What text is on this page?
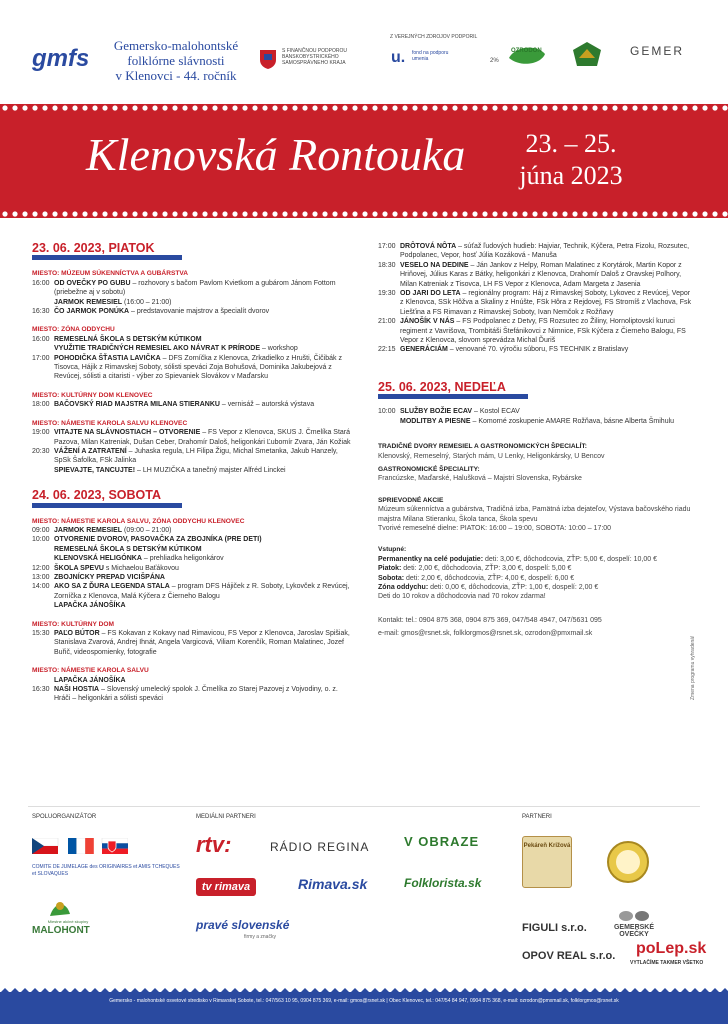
gmfs	Gemersko-malohontské
folklórne slávnosti
v Klenovci - 44. ročník
S FINANČNOU PODPOROU BANSKOBYSTRICKÉHO SAMOSPRÁVNEHO KRAJA
Z VEREJNÝCH ZDROJOV PODPORIL
u. fond na podporu umenia	2%
OZRODON	GEMER
Klenovská Rontouka	23. – 25.
júna 2023
23. 06. 2023, PIATOK
MIESTO: MÚZEUM SÚKENNÍCTVA A GUBÁRSTVA
16:00 OD OVEČKY PO GUBU – rozhovory s bačom Pavlom Kvietkom a gubárom Jánom Fottom (priebežne aj v sobotu)
JARMOK REMESIEL (16:00 – 21:00)
16:30 ČO JARMOK PONÚKA – predstavovanie majstrov a špecialít dvorov
MIESTO: ZÓNA ODDYCHU
16:00 REMESELNÁ ŠKOLA S DETSKÝM KÚTIKOM
VYUŽITIE TRADIČNÝCH REMESIEL AKO NÁVRAT K PRÍRODE – workshop
17:00 POHODIČKA ŠŤASTIA LAVIČKA – DFS Zorníčka z Klenovca, Zrkadielko z Hrušti, Čičibák z Tisovca, Hájik z Rimavskej Soboty, sólisti speváci Zoja Bohušová, Dominika Jakubejová z Revúcej, sólisti a citaristi - výber zo Spievaniek Slovákov v Maďarsku
MIESTO: KULTÚRNY DOM KLENOVEC
18:00 BAČOVSKÝ RIAD MAJSTRA MILANA STIERANKU – vernisáž – autorská výstava
MIESTO: NÁMESTIE KAROLA SALVU KLENOVEC
19:00 VITAJTE NA SLÁVNOSTIACH – OTVORENIE – FS Vepor z Klenovca, SKUS J. Čmelíka Stará Pazova, Milan Katreniak, Dušan Ceber, Drahomír Daloš, heligonkári Ľubomír Zvara, Ján Kožiak
20:30 VÁŽENÍ A ZATRATENÍ – Juhaska regula, LH Filipa Žigu, Michal Smetanka, Jakub Hanzely, SpSk Šafolka, FSk Jalinka
SPIEVAJTE, TANCUJTE! – LH MUZIČKA a tanečný majster Alfréd Linckei
24. 06. 2023, SOBOTA
MIESTO: NÁMESTIE KAROLA SALVU, ZÓNA ODDYCHU KLENOVEC
09:00 JARMOK REMESIEL (09:00 – 21:00)
10:00 OTVORENIE DVOROV, PASOVAČKA ZA ZBOJNÍKA (PRE DETI)
REMESELNÁ ŠKOLA S DETSKÝM KÚTIKOM
KLENOVSKÁ HELIGÓNKA – prehliadka heligonkárov
12:00 ŠKOLA SPEVU s Michaelou Baťákovou
13:00 ZBOJNÍCKY PREPAD VICIŠPÁNA
14:00 AKO SA Z ĎURA LEGENDA STALA – program DFS Hájiček z R. Soboty, Lykovček z Revúcej, Zorníčka z Klenovca, Malá Kýčera z Čierneho Balogu
LAPAČKA JÁNOŠÍKA
MIESTO: KULTÚRNY DOM
15:30 PAĽO BÚTOR – FS Kokavan z Kokavy nad Rimavicou, FS Vepor z Klenovca, Jaroslav Spišiak, Stanislava Zvarová, Andrej Ihnát, Angela Vargicová, Viliam Korenčík, Roman Malatinec, Jozef Buřič, videospomienky, fotografie
MIESTO: NÁMESTIE KAROLA SALVU
LAPAČKA JÁNOŠÍKA
16:30 NAŠI HOSTIA – Slovenský umelecký spolok J. Čmelíka zo Starej Pazovej z Vojvodiny, o. z. Hráči – heligonkári a sólisti speváci
17:00 DRÔTOVÁ NÔTA – súťaž ľudových hudieb: Hajviar, Technik, Kýčera, Petra Fizolu, Rozsutec, Podpolanec, Vepor, hosť Júlia Kozáková - Manuša
18:30 VESELO NA DEDINE – Ján Jankov z Helpy, Roman Malatinec z Korytárok, Martin Kopor z Hriňovej, Július Karas z Bátky, heligonkári z Klenovca, Drahomír Daloš z Oravskej Polhory, Milan Katreniak z Tisovca, LH FS Vepor z Klenovca, Adam Margeta z Jasenia
19:30 OD JARI DO LETA – regionálny program: Háj z Rimavskej Soboty, Lykovec z Revúcej, Vepor z Klenovca, SSk Hôžva a Skaliny z Hnúšte, FSk Hôra z Rejdovej, FS Stromíš z Vlachova, Fsk Liešťina a FS Rimavan z Rimavskej Soboty, Ivan Nemčok z Rožňavy
21:00 JÁNOŠÍK V NÁS – FS Podpolanec z Detvy, FS Rozsutec zo Žiliny, Hornoliptovskí kuruci regiment z Vavrišova, Trombitáši Štefánikovci z Nimnice, FSk Kýčera z Čierneho Balogu, FS Vepor z Klenovca, slovom sprevádza Michal Ďuriš
22:15 GENERÁCIÁM – venované 70. výročiu súboru, FS TECHNIK z Bratislavy
25. 06. 2023, NEDEĽA
10:00 SLUŽBY BOŽIE ECAV – Kostol ECAV
MODLITBY A PIESNE – Komorné zoskupenie AMARE Rožňava, básne Alberta Šmihulu
TRADIČNÉ DVORY REMESIEL A GASTRONOMICKÝCH ŠPECIALÍT:
Klenovský, Remeselný, Starých mám, U Lenky, Heligonkársky, U Bencov
GASTRONOMICKÉ ŠPECIALITY:
Francúzske, Maďarské, Halušková – Majstri Slovenska, Rybárske
SPRIEVODNÉ AKCIE
Múzeum súkenníctva a gubárstva, Tradičná izba, Pamätná izba dejateľov, Výstava bačovského riadu majstra Milana Stieranku, Škola tanca, Škola spevu
Tvorivé remeselné dielne: PIATOK: 16:00 – 19:00, SOBOTA: 10:00 – 17:00
Vstupné:
Permanentky na celé podujatie: deti: 3,00 €, dôchodcovia, ZŤP: 5,00 €, dospelí: 10,00 €
Piatok: deti: 2,00 €, dôchodcovia, ZŤP: 3,00 €, dospelí: 5,00 €
Sobota: deti: 2,00 €, dôchodcovia, ZŤP: 4,00 €, dospelí: 6,00 €
Zóna oddychu: deti: 0,00 €, dôchodcovia, ZŤP: 1,00 €, dospelí: 2,00 €
Deti do 10 rokov a dôchodcovia nad 70 rokov zdarma!
Kontakt: tel.: 0904 875 368, 0904 875 369, 047/548 4947, 047/5631 095
e-mail: gmos@rsnet.sk, folklorgmos@rsnet.sk, ozrodon@pmxmail.sk
Zmena programu vyhradená!
SPOLUORGANIZÁTOR
COMITE DE JUMELAGE des ORIGINAIRES et AMIS TCHEQUES et SLOVAQUES
Miestne akčné skupiny
MALOHONT
MEDIÁLNI PARTNERI
rtv:	RÁDIO REGINA	V OBRAZE
tv rimava	Rimava.sk	Folklorista.sk
pravé slovenské
firmy a značky
PARTNERI
Pekáreň Križová
FIGULI s.r.o.	GEMERSKÉ OVEČKY
OPOV REAL s.r.o. poLep.sk
VYTLAČÍME TAKMER VŠETKO
Gemersko - malohontské osvetové stredisko v Rimavskej Sobote, tel.: 047/563 10 95, 0904 875 369, e-mail: gmos@rsnet.sk | Obec Klenovec, tel.: 047/54 84 947, 0904 875 368, e-mail: ozrodon@pmxmail.sk, folklorgmos@rsnet.sk
